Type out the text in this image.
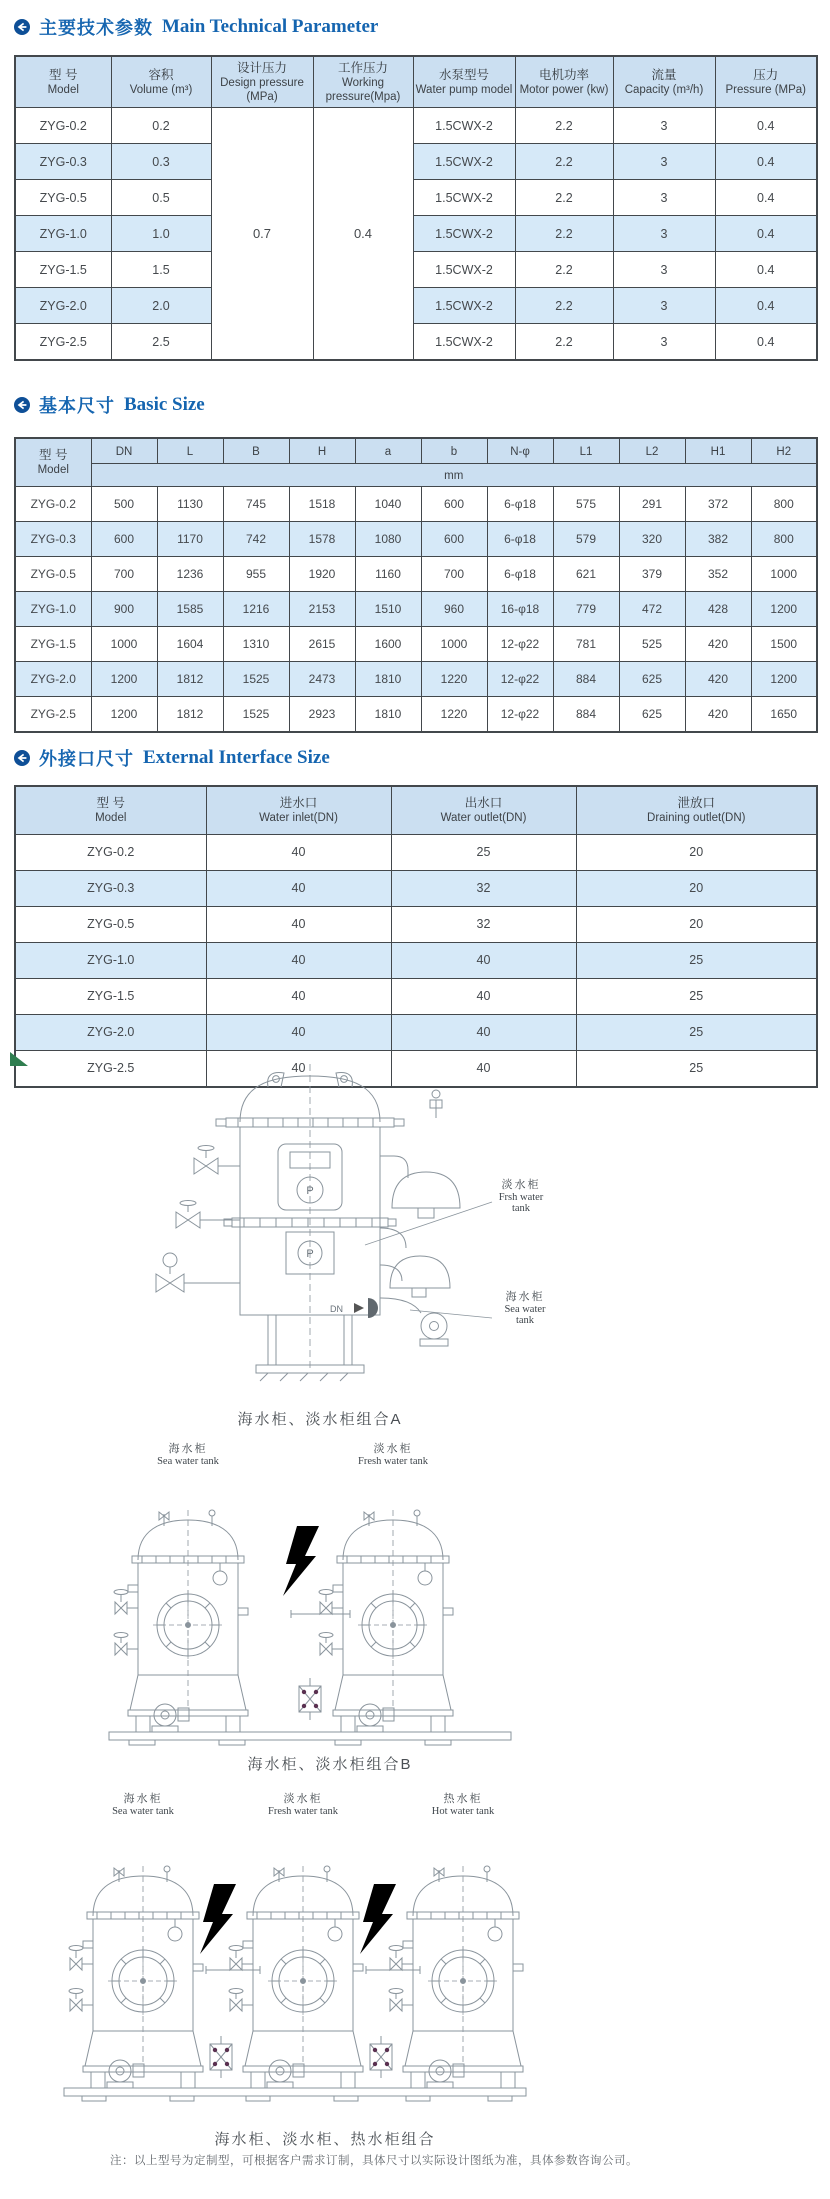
主要技术参数 Main Technical Parameter
型 号
Model

容积
Volume (m³)

设计压力
Design pressure (MPa)

工作压力
Working pressure(Mpa)

水泵型号
Water pump model

电机功率
Motor power (kw)

流量
Capacity (m³/h)

压力
Pressure (MPa)

ZYG-0.2	0.2	0.7	0.4	1.5CWX-2	2.2	3	0.4
ZYG-0.3	0.3			1.5CWX-2	2.2	3	0.4
ZYG-0.5	0.5			1.5CWX-2	2.2	3	0.4
ZYG-1.0	1.0			1.5CWX-2	2.2	3	0.4
ZYG-1.5	1.5			1.5CWX-2	2.2	3	0.4
ZYG-2.0	2.0			1.5CWX-2	2.2	3	0.4
ZYG-2.5	2.5			1.5CWX-2	2.2	3	0.4
基本尺寸 Basic Size
型 号
Model	DN	L	B	H	a	b	N-φ	L1	L2	H1	H2
	mm										
ZYG-0.2	500	1130	745	1518	1040	600	6-φ18	575	291	372	800
ZYG-0.3	600	1170	742	1578	1080	600	6-φ18	579	320	382	800
ZYG-0.5	700	1236	955	1920	1160	700	6-φ18	621	379	352	1000
ZYG-1.0	900	1585	1216	2153	1510	960	16-φ18	779	472	428	1200
ZYG-1.5	1000	1604	1310	2615	1600	1000	12-φ22	781	525	420	1500
ZYG-2.0	1200	1812	1525	2473	1810	1220	12-φ22	884	625	420	1200
ZYG-2.5	1200	1812	1525	2923	1810	1220	12-φ22	884	625	420	1650
外接口尺寸 External Interface Size
型 号
Model

进水口
Water inlet(DN)

出水口
Water outlet(DN)

泄放口
Draining outlet(DN)

ZYG-0.2	40	25	20
ZYG-0.3	40	32	20
ZYG-0.5	40	32	20
ZYG-1.0	40	40	25
ZYG-1.5	40	40	25
ZYG-2.0	40	40	25
ZYG-2.5	40	40	25
P
P
DN
淡水柜
Frsh water
tank
海水柜
Sea water
tank
海水柜、淡水柜组合A
海水柜
Sea water tank
淡水柜
Fresh water tank
海水柜、淡水柜组合B
海水柜
Sea water tank
淡水柜
Fresh water tank
热水柜
Hot water tank
海水柜、淡水柜、热水柜组合
注：以上型号为定制型，可根据客户需求订制，具体尺寸以实际设计图纸为准，具体参数咨询公司。
